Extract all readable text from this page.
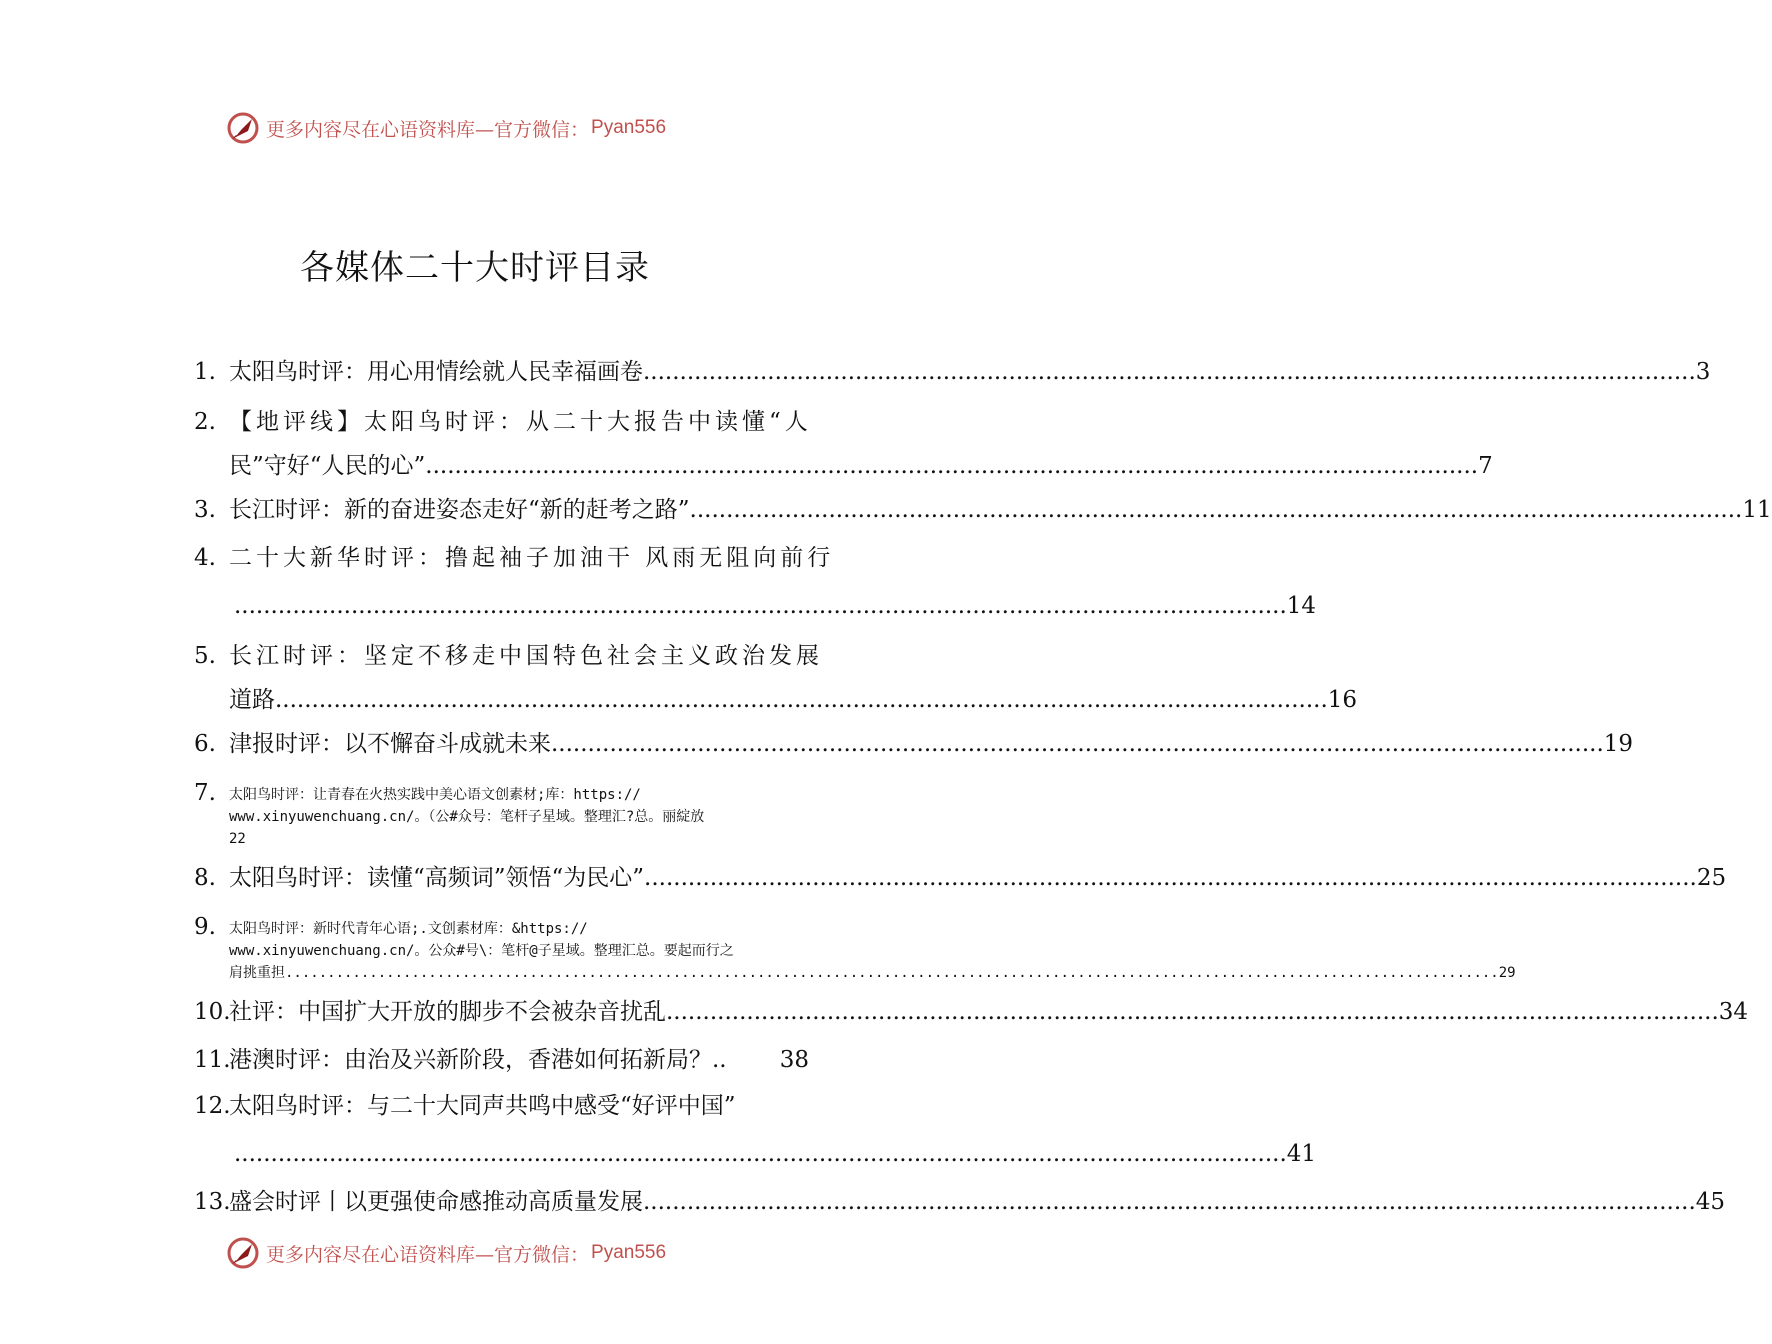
更多内容尽在心语资料库—官方微信： Pyan556
各媒体二十大时评目录
1. 太阳鸟时评：用心用情绘就人民幸福画卷 ................................................................................................................................................ 3
2. 【地评线】太阳鸟时评：从二十大报告中读懂“人
民”守好“人民的心” ................................................................................................................................................ 7
3. 长江时评：新的奋进姿态走好“新的赶考之路” ................................................................................................................................................ 11
4. 二十大新华时评：撸起袖子加油干 风雨无阻向前行
................................................................................................................................................ 14
5. 长江时评：坚定不移走中国特色社会主义政治发展
道路 ................................................................................................................................................ 16
6. 津报时评：以不懈奋斗成就未来 ................................................................................................................................................ 19
7. 太阳鸟时评：让青春在火热实践中美心语文创素材;库：https://
www.xinyuwenchuang.cn/。（公#众号：笔杆子星域。整理汇?总。丽綻放
22
8. 太阳鸟时评：读懂“高频词”领悟“为民心” ................................................................................................................................................ 25
9. 太阳鸟时评：新时代青年心语;.文创素材库：&https://
www.xinyuwenchuang.cn/。公众#号\：笔杆@子星域。整理汇总。要起而行之
肩挑重担 ................................................................................................................................................ 29
10.
社评：中国扩大开放的脚步不会被杂音扰乱 ................................................................................................................................................ 34
11.
港澳时评：由治及兴新阶段，香港如何拓新局？.. 38
12.
太阳鸟时评：与二十大同声共鸣中感受“好评中国”
................................................................................................................................................ 41
13.
盛会时评丨以更强使命感推动高质量发展 ................................................................................................................................................ 45
更多内容尽在心语资料库—官方微信： Pyan556
